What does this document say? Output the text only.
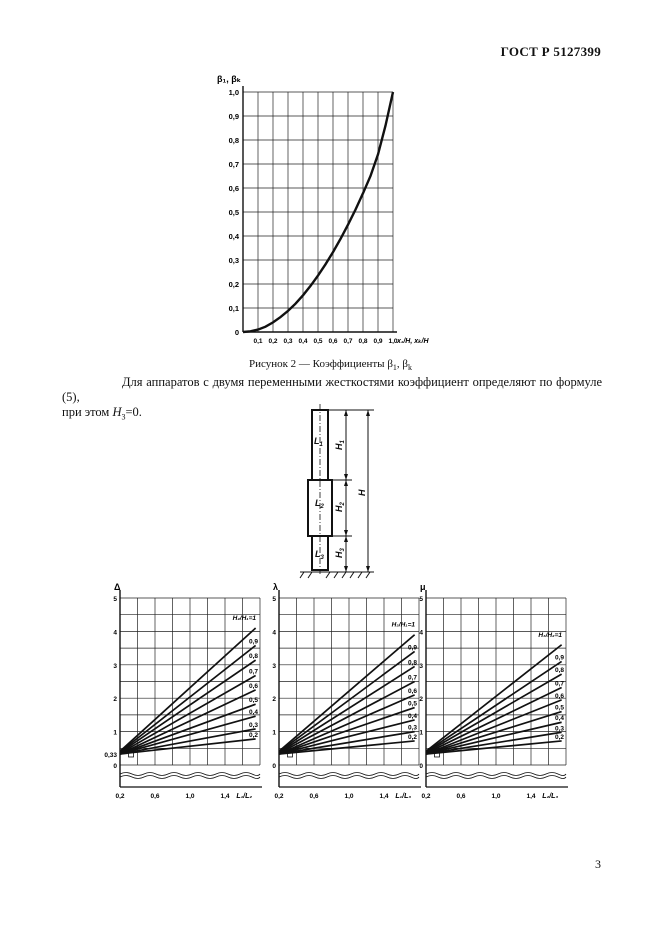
ГОСТ Р 5127399
0
0,1
0,2
0,3
0,4
0,5
0,6
0,7
0,8
0,9
1,0
0,1 0,2 0,3 0,4 0,5 0,6 0,7 0,8 0,9 1,0
β₁, βₖ
x₁/H, xₖ/H
Рисунок 2 — Коэффициенты $\beta_1$, $\beta_k$
Для аппаратов с двумя переменными жесткостями коэффициент определяют по формуле (5),
при этом $H_3=0$.
$L_1$
$L_2$
$L_3$
$H_1$
$H_2$
$H_3$
H
0
0,33
1
2
3
4
5
Δ
0,2	0,6	1,0	1,4 L₁/L₂
H₂/H₁=1
0,9
0,8
0,7
0,6
0,5
0,4
0,3
0,2
0
1
2
3
4
5
λ
0,2	0,6	1,0	1,4 L₁/L₃
H₃/H₁=1
0,9
0,8
0,7
0,6
0,5
0,4
0,3
0,2
0
1
2
3
4
5
μ
0,2	0,6	1,0	1,4 L₂/L₃
H₃/H₂=1
0,9
0,8
0,7
0,6
0,5
0,4
0,3
0,2
3
